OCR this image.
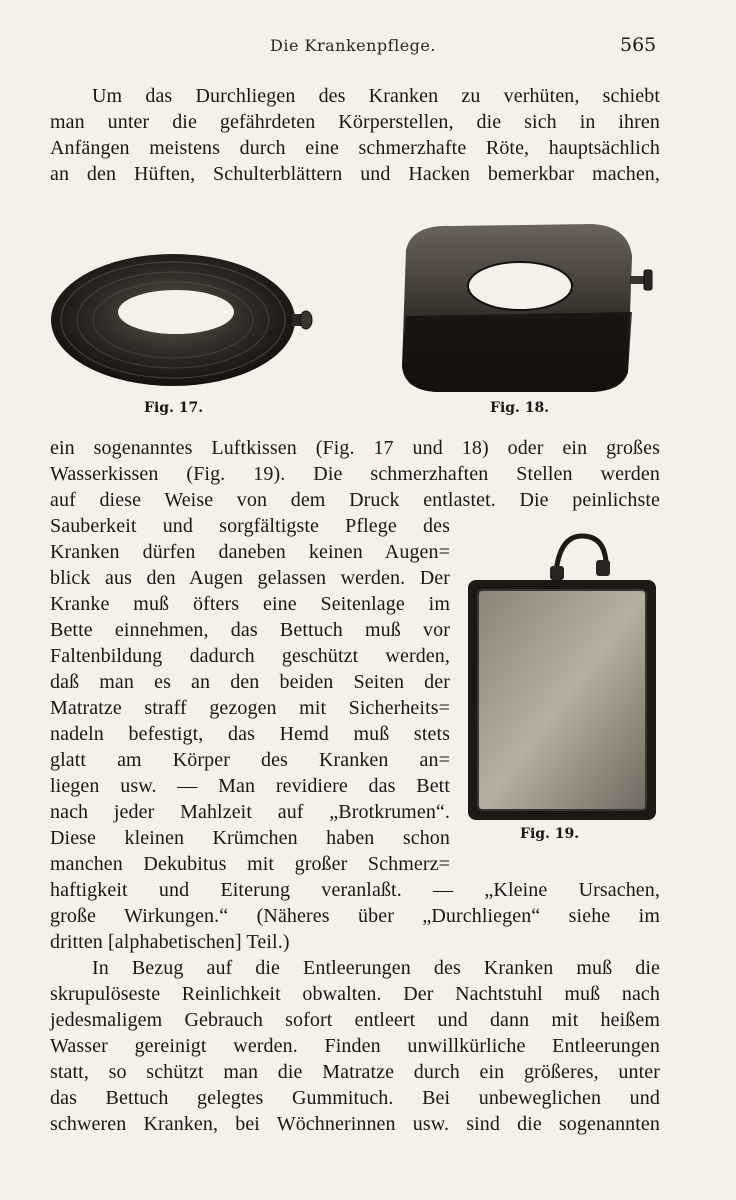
Die Krankenpflege.	565
Um das Durchliegen des Kranken zu verhüten, schiebt
man unter die gefährdeten Körperstellen, die sich in ihren
Anfängen meistens durch eine schmerzhafte Röte, hauptsächlich
an den Hüften, Schulterblättern und Hacken bemerkbar machen,
Fig. 17.	Fig. 18.
ein sogenanntes Luftkissen (Fig. 17 und 18) oder ein großes
Wasserkissen (Fig. 19). Die schmerzhaften Stellen werden
auf diese Weise von dem Druck entlastet. Die peinlichste
Sauberkeit und sorgfältigste Pflege des
Kranken dürfen daneben keinen Augen=
blick aus den Augen gelassen werden. Der
Kranke muß öfters eine Seitenlage im
Bette einnehmen, das Bettuch muß vor
Faltenbildung dadurch geschützt werden,
daß man es an den beiden Seiten der
Matratze straff gezogen mit Sicherheits=
nadeln befestigt, das Hemd muß stets
glatt am Körper des Kranken an=
liegen usw. — Man revidiere das Bett
nach jeder Mahlzeit auf „Brotkrumen“.
Diese kleinen Krümchen haben schon
manchen Dekubitus mit großer Schmerz=
Fig. 19.
haftigkeit und Eiterung veranlaßt. — „Kleine Ursachen,
große Wirkungen.“ (Näheres über „Durchliegen“ siehe im
dritten [alphabetischen] Teil.)
In Bezug auf die Entleerungen des Kranken muß die
skrupulöseste Reinlichkeit obwalten. Der Nachtstuhl muß nach
jedesmaligem Gebrauch sofort entleert und dann mit heißem
Wasser gereinigt werden. Finden unwillkürliche Entleerungen
statt, so schützt man die Matratze durch ein größeres, unter
das Bettuch gelegtes Gummituch. Bei unbeweglichen und
schweren Kranken, bei Wöchnerinnen usw. sind die sogenannten
